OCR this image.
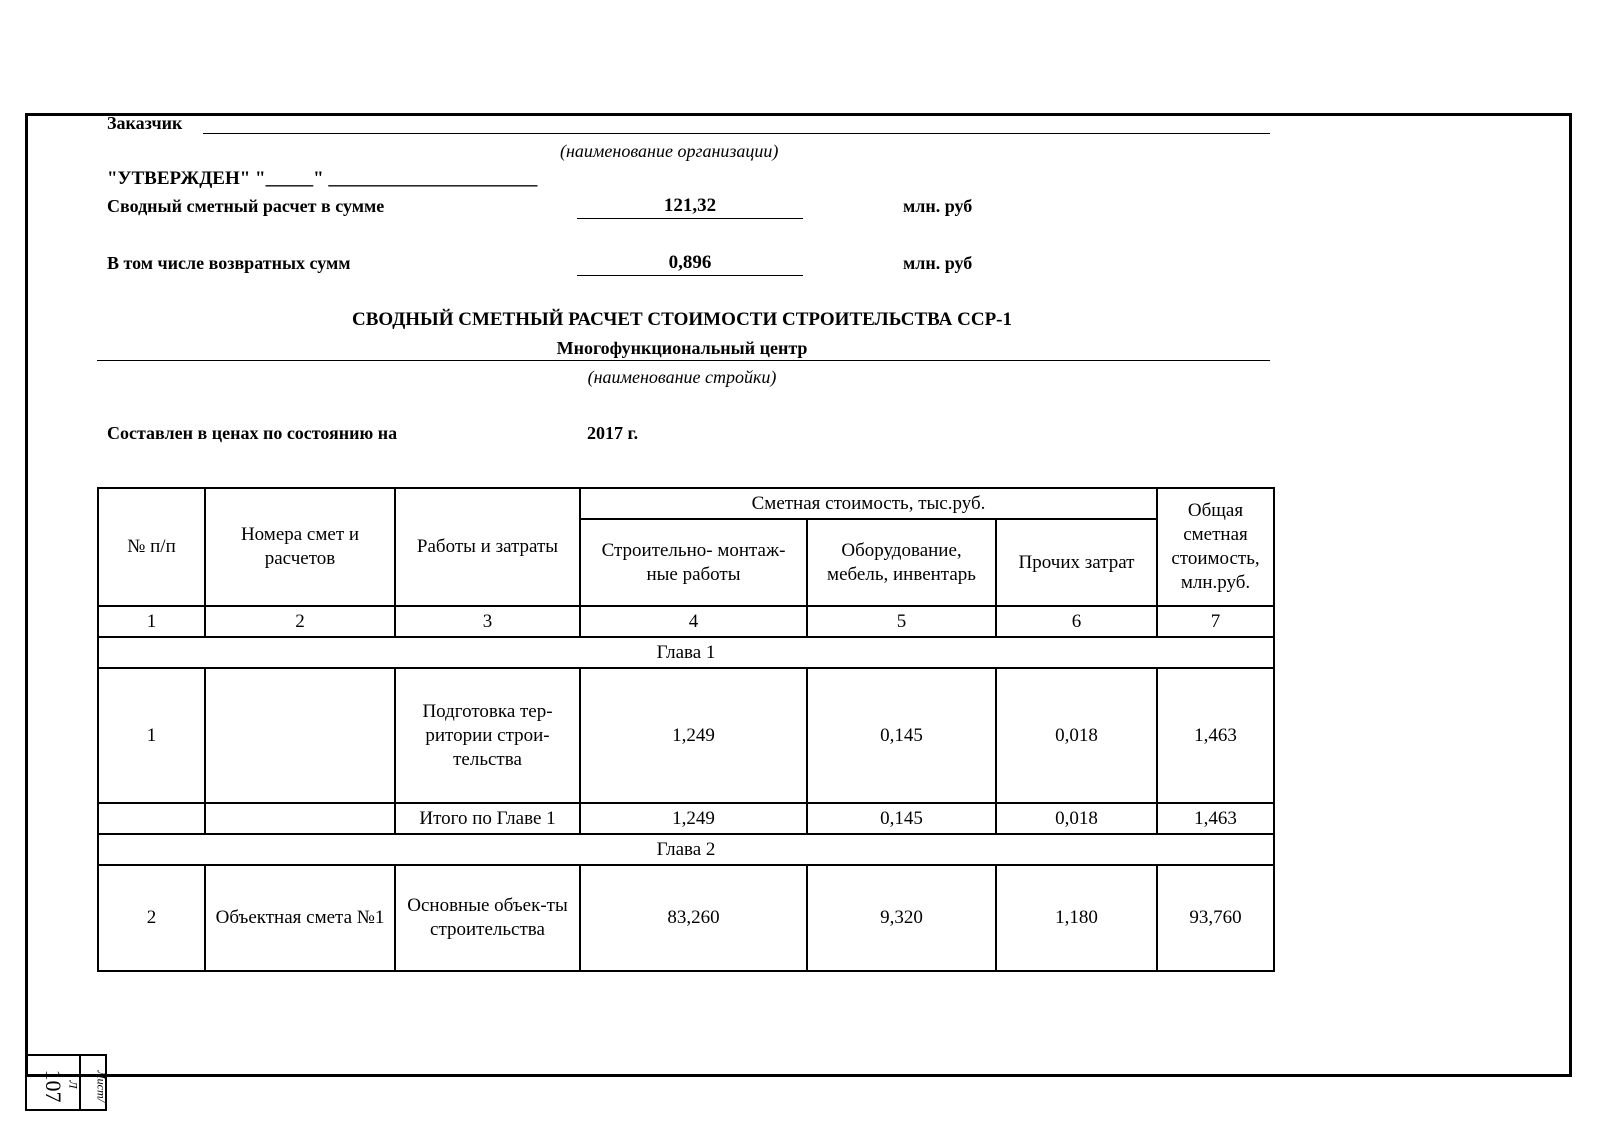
Заказчик
(наименование организации)
"УТВЕРЖДЕН" "_____" ______________________
Сводный сметный расчет в сумме	121,32	млн. руб
В том числе возвратных сумм	0,896	млн. руб
СВОДНЫЙ СМЕТНЫЙ РАСЧЕТ СТОИМОСТИ СТРОИТЕЛЬСТВА ССР-1
Многофункциональный центр
(наименование стройки)
Составлен в ценах по состоянию на	2017 г.
№ п/п	Номера смет и расчетов	Работы и затраты	Сметная стоимость, тыс.руб.			Общая сметная стоимость, млн.руб.
			Строительно- монтаж-ные работы	Оборудование, мебель, инвентарь	Прочих затрат	
1	2	3	4	5	6	7
Глава 1						
1		Подготовка тер-ритории строи-тельства	1,249	0,145	0,018	1,463
		Итого по Главе 1	1,249	0,145	0,018	1,463
Глава 2						
2	Объектная смета №1	Основные объек-ты строительства	83,260	9,320	1,180	93,760
107	Лист/Л
